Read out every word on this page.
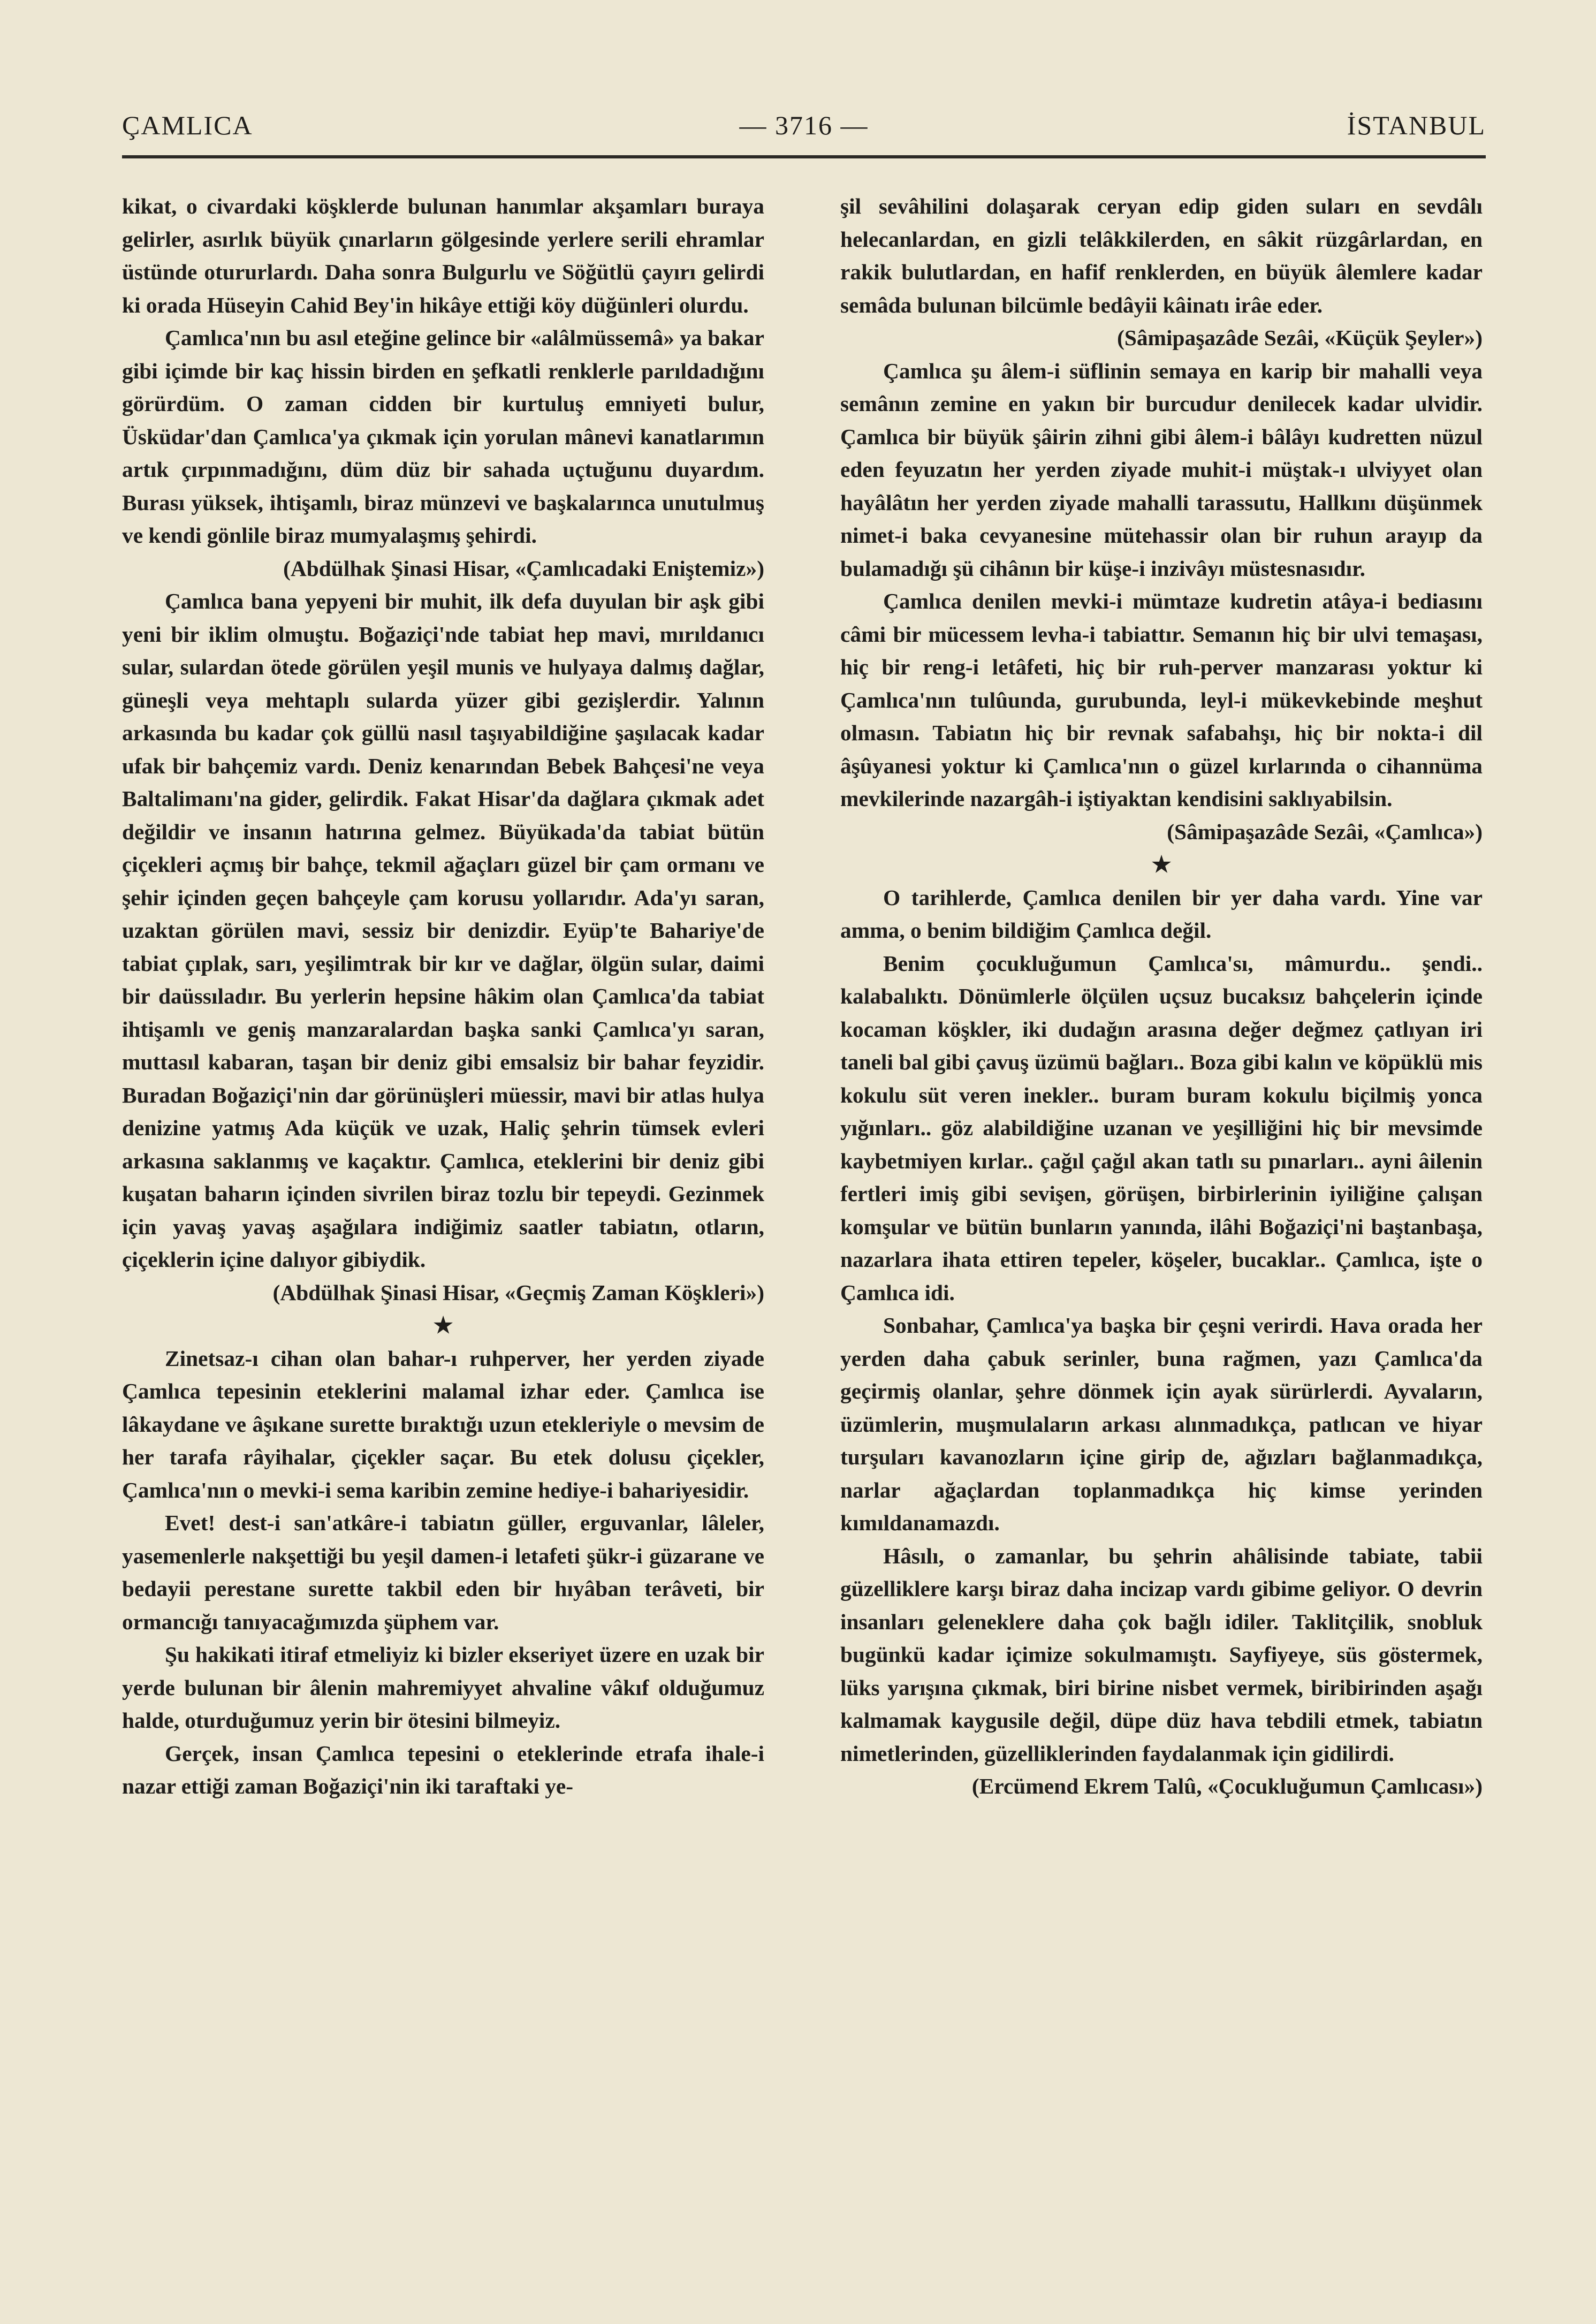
ÇAMLICA	— 3716 —	İSTANBUL

kikat, o civardaki köşklerde bulunan hanımlar akşamları buraya gelirler, asırlık büyük çınarların gölgesinde yerlere serili ehramlar üstünde otururlardı. Daha sonra Bulgurlu ve Söğütlü çayırı gelirdi ki orada Hüseyin Cahid Bey'in hikâye ettiği köy düğünleri olurdu.

Çamlıca'nın bu asıl eteğine gelince bir «alâlmüssemâ» ya bakar gibi içimde bir kaç hissin birden en şefkatli renklerle parıldadığını görürdüm. O zaman cidden bir kurtuluş emniyeti bulur, Üsküdar'dan Çamlıca'ya çıkmak için yorulan mânevi kanatlarımın artık çırpınmadığını, düm düz bir sahada uçtuğunu duyardım. Burası yüksek, ihtişamlı, biraz münzevi ve başkalarınca unutulmuş ve kendi gönlile biraz mumyalaşmış şehirdi.

(Abdülhak Şinasi Hisar, «Çamlıcadaki Eniştemiz»)

Çamlıca bana yepyeni bir muhit, ilk defa duyulan bir aşk gibi yeni bir iklim olmuştu. Boğaziçi'nde tabiat hep mavi, mırıldanıcı sular, sulardan ötede görülen yeşil munis ve hulyaya dalmış dağlar, güneşli veya mehtaplı sularda yüzer gibi gezişlerdir. Yalının arkasında bu kadar çok güllü nasıl taşıyabildiğine şaşılacak kadar ufak bir bahçemiz vardı. Deniz kenarından Bebek Bahçesi'ne veya Baltalimanı'na gider, gelirdik. Fakat Hisar'da dağlara çıkmak adet değildir ve insanın hatırına gelmez. Büyükada'da tabiat bütün çiçekleri açmış bir bahçe, tekmil ağaçları güzel bir çam ormanı ve şehir içinden geçen bahçeyle çam korusu yollarıdır. Ada'yı saran, uzaktan görülen mavi, sessiz bir denizdir. Eyüp'te Bahariye'de tabiat çıplak, sarı, yeşilimtrak bir kır ve dağlar, ölgün sular, daimi bir daüssıladır. Bu yerlerin hepsine hâkim olan Çamlıca'da tabiat ihtişamlı ve geniş manzaralardan başka sanki Çamlıca'yı saran, muttasıl kabaran, taşan bir deniz gibi emsalsiz bir bahar feyzidir. Buradan Boğaziçi'nin dar görünüşleri müessir, mavi bir atlas hulya denizine yatmış Ada küçük ve uzak, Haliç şehrin tümsek evleri arkasına saklanmış ve kaçaktır. Çamlıca, eteklerini bir deniz gibi kuşatan baharın içinden sivrilen biraz tozlu bir tepeydi. Gezinmek için yavaş yavaş aşağılara indiğimiz saatler tabiatın, otların, çiçeklerin içine dalıyor gibiydik.

(Abdülhak Şinasi Hisar, «Geçmiş Zaman Köşkleri»)

★

Zinetsaz-ı cihan olan bahar-ı ruhperver, her yerden ziyade Çamlıca tepesinin eteklerini malamal izhar eder. Çamlıca ise lâkaydane ve âşıkane surette bıraktığı uzun etekleriyle o mevsim de her tarafa râyihalar, çiçekler saçar. Bu etek dolusu çiçekler, Çamlıca'nın o mevki-i sema karibin zemine hediye-i bahariyesidir.

Evet! dest-i san'atkâre-i tabiatın güller, erguvanlar, lâleler, yasemenlerle nakşettiği bu yeşil damen-i letafeti şükr-i güzarane ve bedayii perestane surette takbil eden bir hıyâban terâveti, bir ormancığı tanıyacağımızda şüphem var.

Şu hakikati itiraf etmeliyiz ki bizler ekseriyet üzere en uzak bir yerde bulunan bir âlenin mahremiyyet ahvaline vâkıf olduğumuz halde, oturduğumuz yerin bir ötesini bilmeyiz.

Gerçek, insan Çamlıca tepesini o eteklerinde etrafa ihale-i nazar ettiği zaman Boğaziçi'nin iki taraftaki ye-

şil sevâhilini dolaşarak ceryan edip giden suları en sevdâlı helecanlardan, en gizli telâkkilerden, en sâkit rüzgârlardan, en rakik bulutlardan, en hafif renklerden, en büyük âlemlere kadar semâda bulunan bilcümle bedâyii kâinatı irâe eder.

(Sâmipaşazâde Sezâi, «Küçük Şeyler»)

Çamlıca şu âlem-i süflinin semaya en karip bir mahalli veya semânın zemine en yakın bir burcudur denilecek kadar ulvidir. Çamlıca bir büyük şâirin zihni gibi âlem-i bâlâyı kudretten nüzul eden feyuzatın her yerden ziyade muhit-i müştak-ı ulviyyet olan hayâlâtın her yerden ziyade mahalli tarassutu, Hallkını düşünmek nimet-i baka cevyanesine mütehassir olan bir ruhun arayıp da bulamadığı şü cihânın bir küşe-i inzivâyı müstesnasıdır.

Çamlıca denilen mevki-i mümtaze kudretin atâya-i bediasını câmi bir mücessem levha-i tabiattır. Semanın hiç bir ulvi temaşası, hiç bir reng-i letâfeti, hiç bir ruh-perver manzarası yoktur ki Çamlıca'nın tulûunda, gurubunda, leyl-i mükevkebinde meşhut olmasın. Tabiatın hiç bir revnak safabahşı, hiç bir nokta-i dil âşûyanesi yoktur ki Çamlıca'nın o güzel kırlarında o cihannüma mevkilerinde nazargâh-i iştiyaktan kendisini saklıyabilsin.

(Sâmipaşazâde Sezâi, «Çamlıca»)

★

O tarihlerde, Çamlıca denilen bir yer daha vardı. Yine var amma, o benim bildiğim Çamlıca değil.

Benim çocukluğumun Çamlıca'sı, mâmurdu.. şendi.. kalabalıktı. Dönümlerle ölçülen uçsuz bucaksız bahçelerin içinde kocaman köşkler, iki dudağın arasına değer değmez çatlıyan iri taneli bal gibi çavuş üzümü bağları.. Boza gibi kalın ve köpüklü mis kokulu süt veren inekler.. buram buram kokulu biçilmiş yonca yığınları.. göz alabildiğine uzanan ve yeşilliğini hiç bir mevsimde kaybetmiyen kırlar.. çağıl çağıl akan tatlı su pınarları.. ayni âilenin fertleri imiş gibi sevişen, görüşen, birbirlerinin iyiliğine çalışan komşular ve bütün bunların yanında, ilâhi Boğaziçi'ni baştanbaşa, nazarlara ihata ettiren tepeler, köşeler, bucaklar.. Çamlıca, işte o Çamlıca idi.

Sonbahar, Çamlıca'ya başka bir çeşni verirdi. Hava orada her yerden daha çabuk serinler, buna rağmen, yazı Çamlıca'da geçirmiş olanlar, şehre dönmek için ayak sürürlerdi. Ayvaların, üzümlerin, muşmulaların arkası alınmadıkça, patlıcan ve hiyar turşuları kavanozların içine girip de, ağızları bağlanmadıkça, narlar ağaçlardan toplanmadıkça hiç kimse yerinden kımıldanamazdı.

Hâsılı, o zamanlar, bu şehrin ahâlisinde tabiate, tabii güzelliklere karşı biraz daha incizap vardı gibime geliyor. O devrin insanları geleneklere daha çok bağlı idiler. Taklitçilik, snobluk bugünkü kadar içimize sokulmamıştı. Sayfiyeye, süs göstermek, lüks yarışına çıkmak, biri birine nisbet vermek, biribirinden aşağı kalmamak kaygusile değil, düpe düz hava tebdili etmek, tabiatın nimetlerinden, güzelliklerinden faydalanmak için gidilirdi.

(Ercümend Ekrem Talû, «Çocukluğumun Çamlıcası»)
